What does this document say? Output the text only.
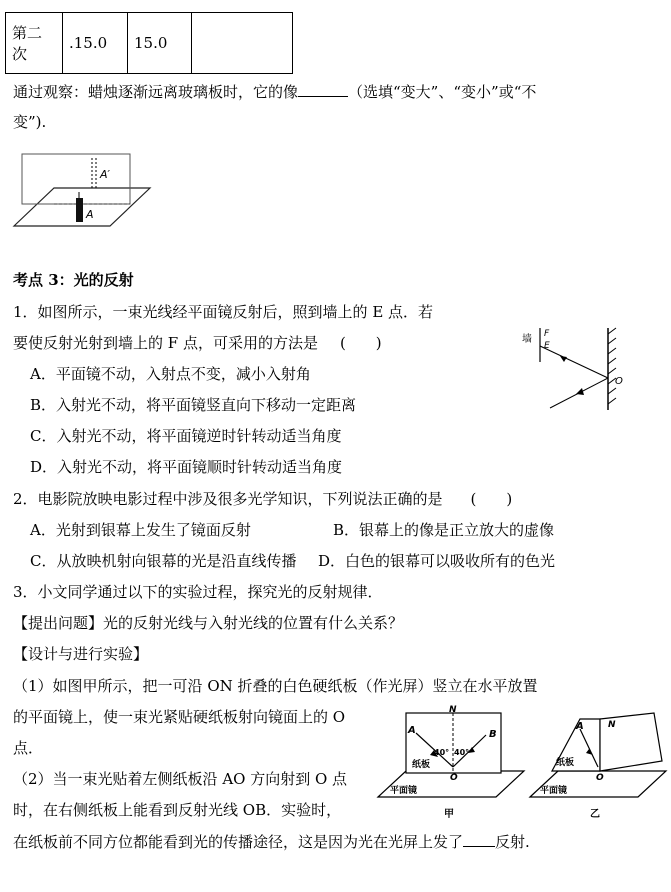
第二
次
	.15.0	15.0	
通过观察：蜡烛逐渐远离玻璃板时，它的像	（选填“变大”、“变小”或“不
变”).
A′
A
考点 3：光的反射
1．如图所示，一束光线经平面镜反射后，照到墙上的 E 点．若
要使反射光射到墙上的 F 点，可采用的方法是 (　　)
A．平面镜不动，入射点不变，减小入射角
B．入射光不动，将平面镜竖直向下移动一定距离
C．入射光不动，将平面镜逆时针转动适当角度
D．入射光不动，将平面镜顺时针转动适当角度
墙 F
E
O
2．电影院放映电影过程中涉及很多光学知识，下列说法正确的是 (　　)
A．光射到银幕上发生了镜面反射	B．银幕上的像是正立放大的虚像
C．从放映机射向银幕的光是沿直线传播 D．白色的银幕可以吸收所有的色光
3．小文同学通过以下的实验过程，探究光的反射规律．
【提出问题】光的反射光线与入射光线的位置有什么关系？
【设计与进行实验】
（1）如图甲所示，把一可沿 ON 折叠的白色硬纸板（作光屏）竖立在水平放置
的平面镜上，使一束光紧贴硬纸板射向镜面上的 O
点．
（2）当一束光贴着左侧纸板沿 AO 方向射到 O 点
时，在右侧纸板上能看到反射光线 OB．实验时，
在纸板前不同方位都能看到光的传播途径，这是因为光在光屏上发了 反射.
A	B
N
O
40° 40°
纸板
平面镜
甲
A	N
O
纸板
平面镜
乙
